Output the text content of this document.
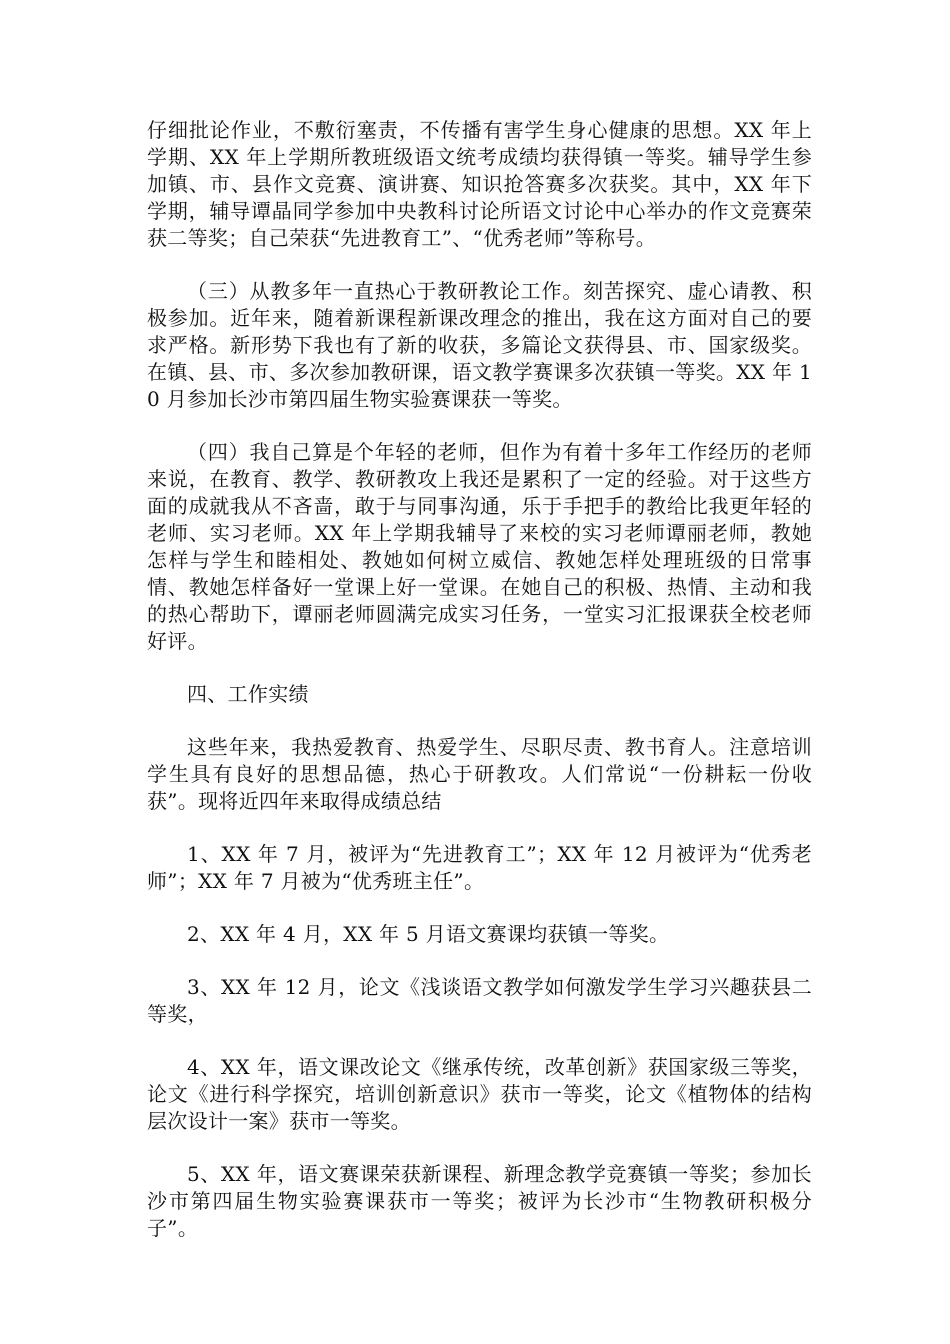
仔细批论作业，不敷衍塞责，不传播有害学生身心健康的思想。XX 年上学期、XX 年上学期所教班级语文统考成绩均获得镇一等奖。辅导学生参加镇、市、县作文竞赛、演讲赛、知识抢答赛多次获奖。其中，XX 年下学期，辅导谭晶同学参加中央教科讨论所语文讨论中心举办的作文竞赛荣获二等奖；自己荣获“先进教育工”、“优秀老师”等称号。

（三）从教多年一直热心于教研教论工作。刻苦探究、虚心请教、积极参加。近年来，随着新课程新课改理念的推出，我在这方面对自己的要求严格。新形势下我也有了新的收获，多篇论文获得县、市、国家级奖。在镇、县、市、多次参加教研课，语文教学赛课多次获镇一等奖。XX 年 10 月参加长沙市第四届生物实验赛课获一等奖。

（四）我自己算是个年轻的老师，但作为有着十多年工作经历的老师来说，在教育、教学、教研教攻上我还是累积了一定的经验。对于这些方面的成就我从不吝啬，敢于与同事沟通，乐于手把手的教给比我更年轻的老师、实习老师。XX 年上学期我辅导了来校的实习老师谭丽老师，教她怎样与学生和睦相处、教她如何树立威信、教她怎样处理班级的日常事情、教她怎样备好一堂课上好一堂课。在她自己的积极、热情、主动和我的热心帮助下，谭丽老师圆满完成实习任务，一堂实习汇报课获全校老师好评。

四、工作实绩

这些年来，我热爱教育、热爱学生、尽职尽责、教书育人。注意培训学生具有良好的思想品德，热心于研教攻。人们常说“一份耕耘一份收获”。现将近四年来取得成绩总结

1、XX 年 7 月，被评为“先进教育工”；XX 年 12 月被评为“优秀老师”；XX 年 7 月被为“优秀班主任”。

2、XX 年 4 月，XX 年 5 月语文赛课均获镇一等奖。

3、XX 年 12 月，论文《浅谈语文教学如何激发学生学习兴趣获县二等奖，

4、XX 年，语文课改论文《继承传统，改革创新》获国家级三等奖，论文《进行科学探究，培训创新意识》获市一等奖，论文《植物体的结构层次设计一案》获市一等奖。

5、XX 年，语文赛课荣获新课程、新理念教学竞赛镇一等奖；参加长沙市第四届生物实验赛课获市一等奖；被评为长沙市“生物教研积极分子”。
